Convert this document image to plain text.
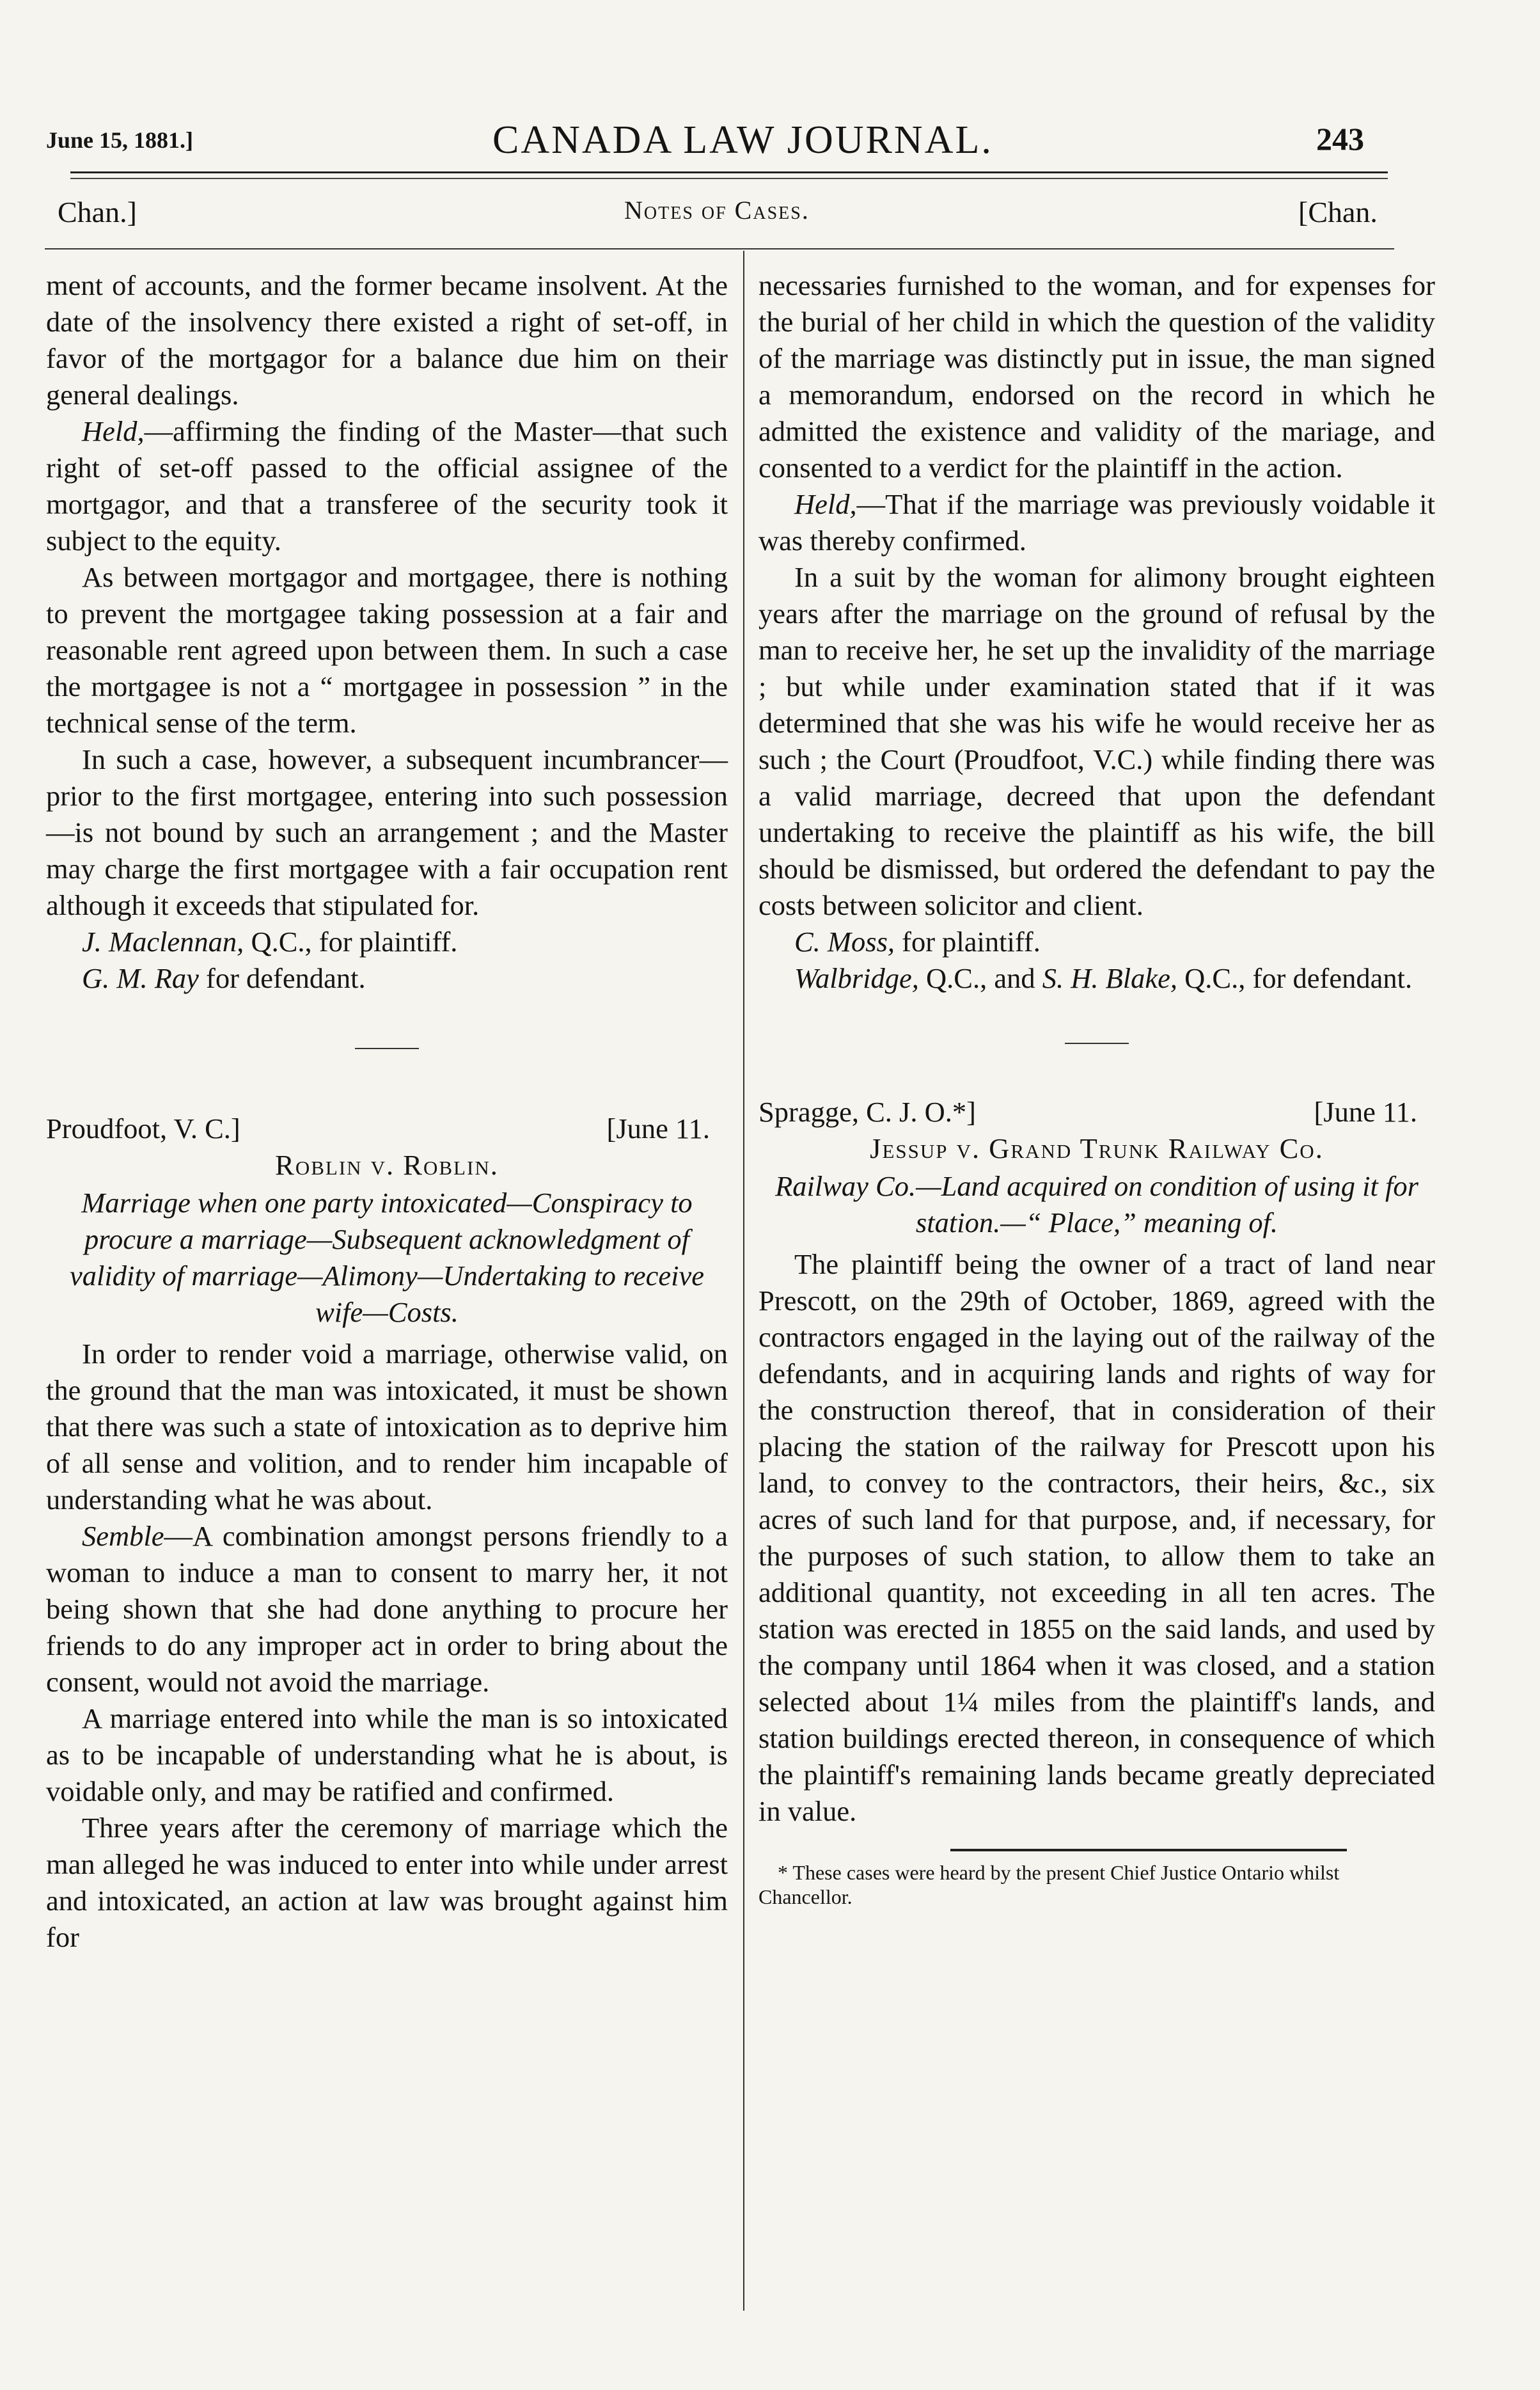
June 15, 1881.]	CANADA LAW JOURNAL.	243
Chan.]	Notes of Cases.	[Chan.

ment of accounts, and the former became insolvent. At the date of the insolvency there existed a right of set-off, in favor of the mortgagor for a balance due him on their general dealings.

Held,—affirming the finding of the Master—that such right of set-off passed to the official assignee of the mortgagor, and that a transferee of the security took it subject to the equity.

As between mortgagor and mortgagee, there is nothing to prevent the mortgagee taking possession at a fair and reasonable rent agreed upon between them. In such a case the mortgagee is not a “ mortgagee in possession ” in the technical sense of the term.

In such a case, however, a subsequent incumbrancer—prior to the first mortgagee, entering into such possession—is not bound by such an arrangement ; and the Master may charge the first mortgagee with a fair occupation rent although it exceeds that stipulated for.

J. Maclennan, Q.C., for plaintiff.

G. M. Ray for defendant.

Proudfoot, V. C.]	[June 11.

Roblin v. Roblin.

Marriage when one party intoxicated—Conspiracy to procure a marriage—Subsequent acknowledgment of validity of marriage—Alimony—Undertaking to receive wife—Costs.

In order to render void a marriage, otherwise valid, on the ground that the man was intoxicated, it must be shown that there was such a state of intoxication as to deprive him of all sense and volition, and to render him incapable of understanding what he was about.

Semble—A combination amongst persons friendly to a woman to induce a man to consent to marry her, it not being shown that she had done anything to procure her friends to do any improper act in order to bring about the consent, would not avoid the marriage.

A marriage entered into while the man is so intoxicated as to be incapable of understanding what he is about, is voidable only, and may be ratified and confirmed.

Three years after the ceremony of marriage which the man alleged he was induced to enter into while under arrest and intoxicated, an action at law was brought against him for

necessaries furnished to the woman, and for expenses for the burial of her child in which the question of the validity of the marriage was distinctly put in issue, the man signed a memorandum, endorsed on the record in which he admitted the existence and validity of the mariage, and consented to a verdict for the plaintiff in the action.

Held,—That if the marriage was previously voidable it was thereby confirmed.

In a suit by the woman for alimony brought eighteen years after the marriage on the ground of refusal by the man to receive her, he set up the invalidity of the marriage ; but while under examination stated that if it was determined that she was his wife he would receive her as such ; the Court (Proudfoot, V.C.) while finding there was a valid marriage, decreed that upon the defendant undertaking to receive the plaintiff as his wife, the bill should be dismissed, but ordered the defendant to pay the costs between solicitor and client.

C. Moss, for plaintiff.

Walbridge, Q.C., and S. H. Blake, Q.C., for defendant.

Spragge, C. J. O.*]	[June 11.

Jessup v. Grand Trunk Railway Co.

Railway Co.—Land acquired on condition of using it for station.—“ Place,” meaning of.

The plaintiff being the owner of a tract of land near Prescott, on the 29th of October, 1869, agreed with the contractors engaged in the laying out of the railway of the defendants, and in acquiring lands and rights of way for the construction thereof, that in consideration of their placing the station of the railway for Prescott upon his land, to convey to the contractors, their heirs, &c., six acres of such land for that purpose, and, if necessary, for the purposes of such station, to allow them to take an additional quantity, not exceeding in all ten acres. The station was erected in 1855 on the said lands, and used by the company until 1864 when it was closed, and a station selected about 1¼ miles from the plaintiff's lands, and station buildings erected thereon, in consequence of which the plaintiff's remaining lands became greatly depreciated in value.

* These cases were heard by the present Chief Justice Ontario whilst Chancellor.
